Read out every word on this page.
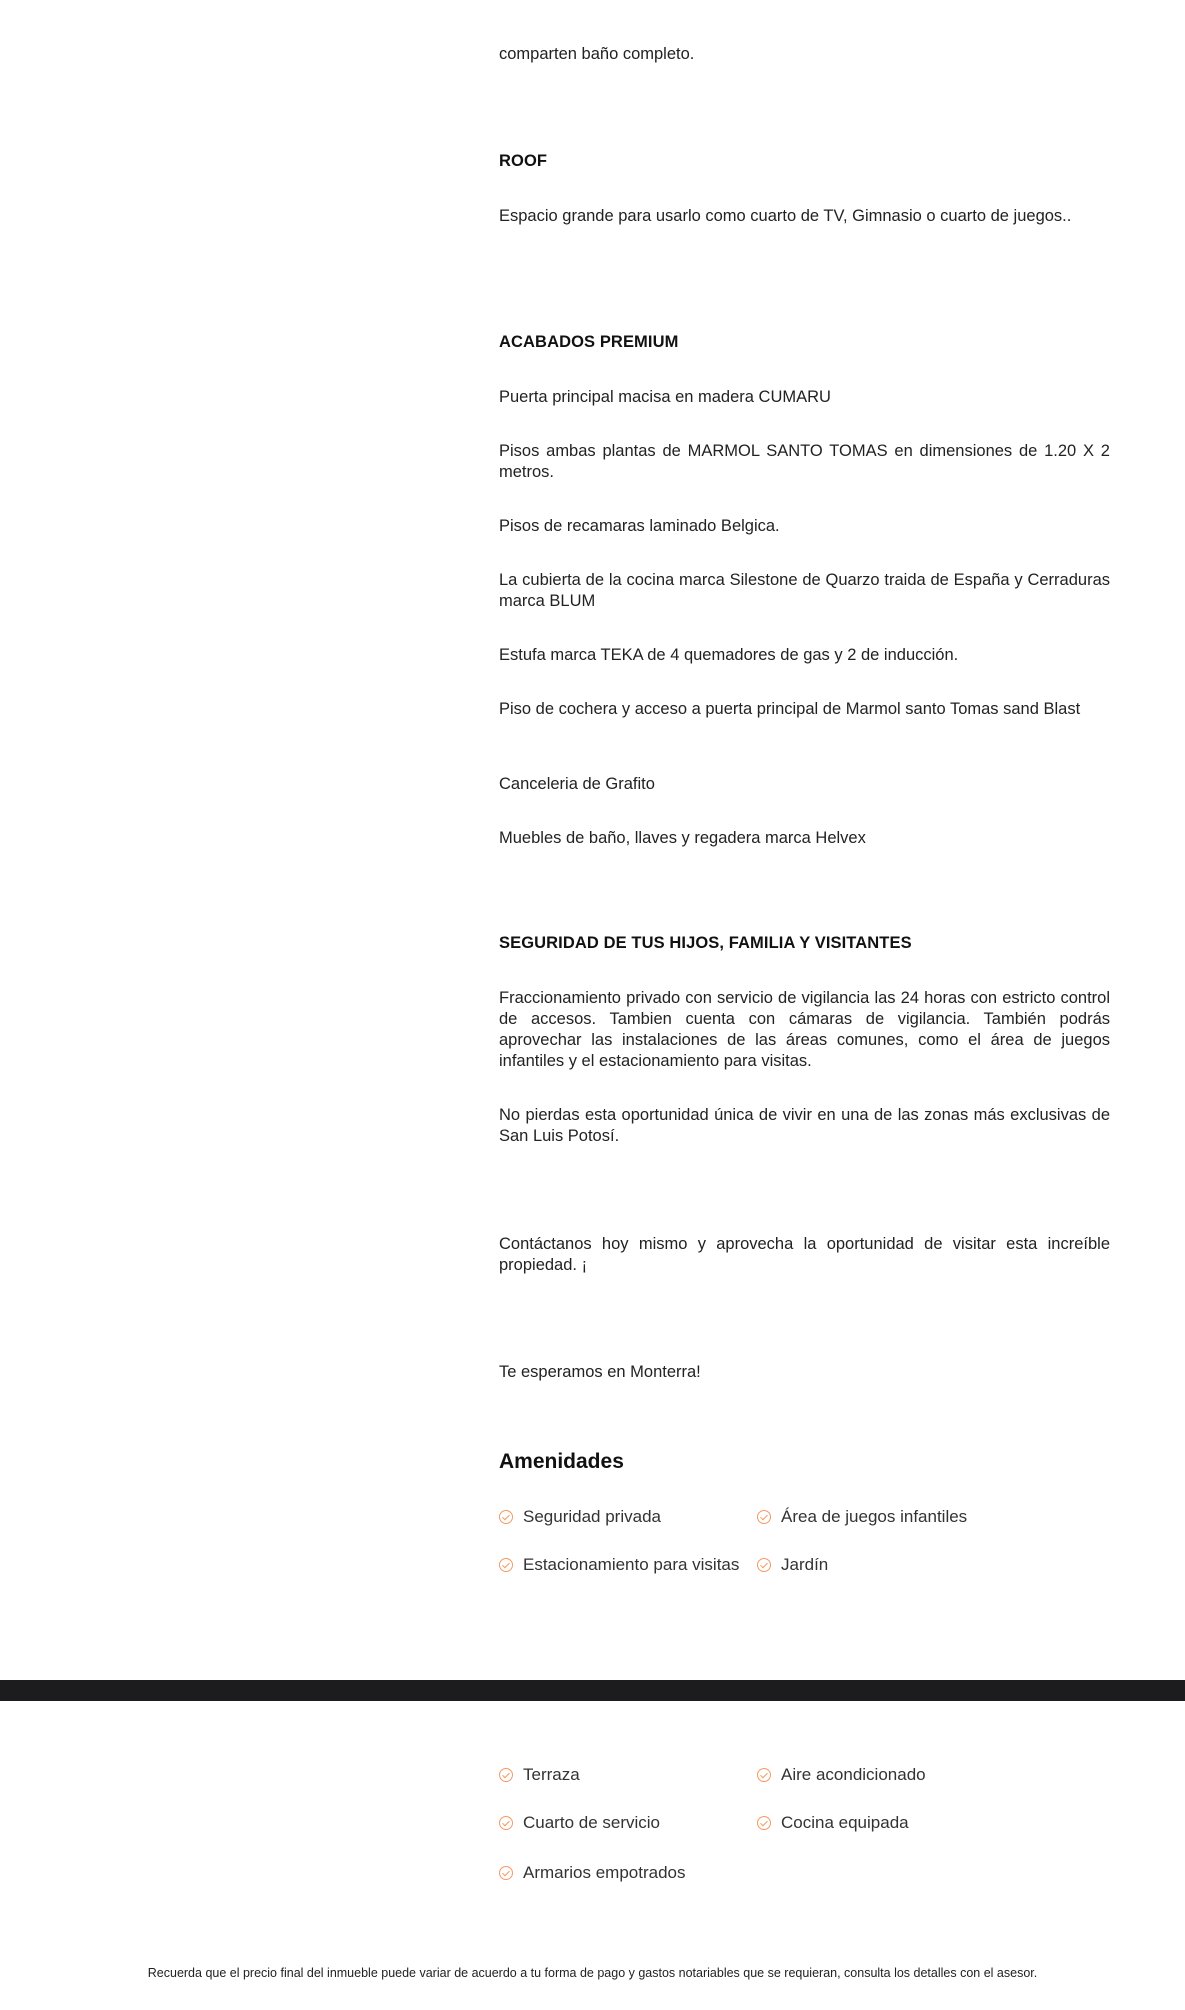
comparten baño completo.

ROOF

Espacio grande para usarlo como cuarto de TV, Gimnasio o cuarto de juegos..

ACABADOS PREMIUM

Puerta principal macisa en madera CUMARU

Pisos ambas plantas de MARMOL SANTO TOMAS en dimensiones de 1.20 X 2 metros.

Pisos de recamaras laminado Belgica.

La cubierta de la cocina marca Silestone de Quarzo traida de España y Cerraduras marca BLUM

Estufa marca TEKA de 4 quemadores de gas y 2 de inducción.

Piso de cochera y acceso a puerta principal de Marmol santo Tomas sand Blast

Canceleria de Grafito

Muebles de baño, llaves y regadera marca Helvex

SEGURIDAD DE TUS HIJOS, FAMILIA Y VISITANTES

Fraccionamiento privado con servicio de vigilancia las 24 horas con estricto control de accesos. Tambien cuenta con cámaras de vigilancia. También podrás aprovechar las instalaciones de las áreas comunes, como el área de juegos infantiles y el estacionamiento para visitas.

No pierdas esta oportunidad única de vivir en una de las zonas más exclusivas de San Luis Potosí.

Contáctanos hoy mismo y aprovecha la oportunidad de visitar esta increíble propiedad. ¡

Te esperamos en Monterra!

Amenidades
Seguridad privada	Área de juegos infantiles
Estacionamiento para visitas Jardín
Terraza	Aire acondicionado
Cuarto de servicio	Cocina equipada
Armarios empotrados
Recuerda que el precio final del inmueble puede variar de acuerdo a tu forma de pago y gastos notariables que se requieran, consulta los detalles con el asesor.
